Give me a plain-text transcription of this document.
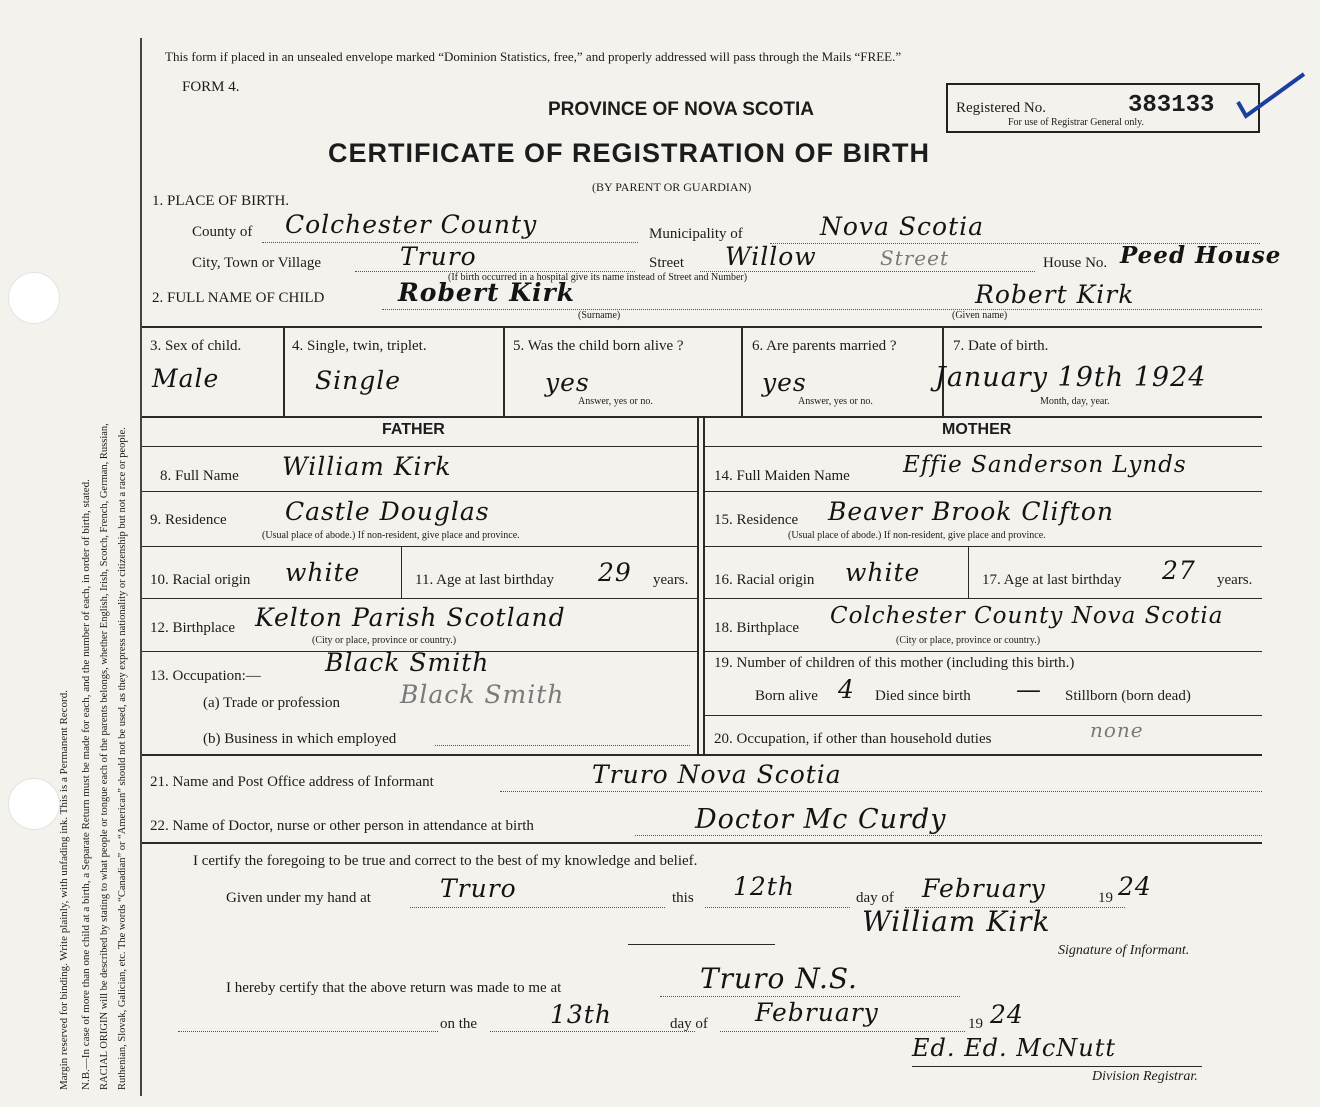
Margin reserved for binding. Write plainly, with unfading ink. This is a Permanent Record. N.B.—In case of more than one child at a birth, a Separate Return must be made for each, and the number of each, in order of birth, stated. RACIAL ORIGIN will be described by stating to what people or tongue each of the parents belongs, whether English, Irish, Scotch, French, German, Russian, Ruthenian, Slovak, Galician, etc. The words “Canadian” or “American” should not be used, as they express nationality or citizenship but not a race or people.
This form if placed in an unsealed envelope marked “Dominion Statistics, free,” and properly addressed will pass through the Mails “FREE.”
FORM 4.
PROVINCE OF NOVA SCOTIA
CERTIFICATE OF REGISTRATION OF BIRTH
(BY PARENT OR GUARDIAN)
Registered No.	383133
For use of Registrar General only.
1. PLACE OF BIRTH.
County of Colchester County	Municipality of	Nova Scotia
City, Town or Village	Truro	Street Willow	Street
(If birth occurred in a hospital give its name instead of Street and Number)
House No. Peed House
2. FULL NAME OF CHILD	Robert Kirk
(Surname)
Robert Kirk
(Given name)
3. Sex of child.
Male
4. Single, twin, triplet.
Single
5. Was the child born alive ?
yes
Answer, yes or no.
6. Are parents married ?
yes
Answer, yes or no.
7. Date of birth.
January 19th 1924
Month, day, year.
FATHER	MOTHER
8. Full Name William Kirk
9. Residence Castle Douglas
(Usual place of abode.) If non-resident, give place and province.
10. Racial origin white	11. Age at last birthday 29 years.
12. Birthplace Kelton Parish Scotland
(City or place, province or country.)
13. Occupation:—	Black Smith
(a) Trade or profession Black Smith
(b) Business in which employed
14. Full Maiden Name Effie Sanderson Lynds
15. Residence Beaver Brook Clifton
(Usual place of abode.) If non-resident, give place and province.
16. Racial origin white	17. Age at last birthday 27 years.
18. Birthplace Colchester County Nova Scotia
(City or place, province or country.)
19. Number of children of this mother (including this birth.)
Born alive 4 Died since birth — Stillborn (born dead)
20. Occupation, if other than household duties	none
21. Name and Post Office address of Informant	Truro Nova Scotia
22. Name of Doctor, nurse or other person in attendance at birth	Doctor Mc Curdy
I certify the foregoing to be true and correct to the best of my knowledge and belief.
Given under my hand at	Truro	this 12th	day of February	19 24
William Kirk
Signature of Informant.
I hereby certify that the above return was made to me at	Truro N.S.
on the	13th	day of February	19 24
Ed. Ed. McNutt
Division Registrar.
